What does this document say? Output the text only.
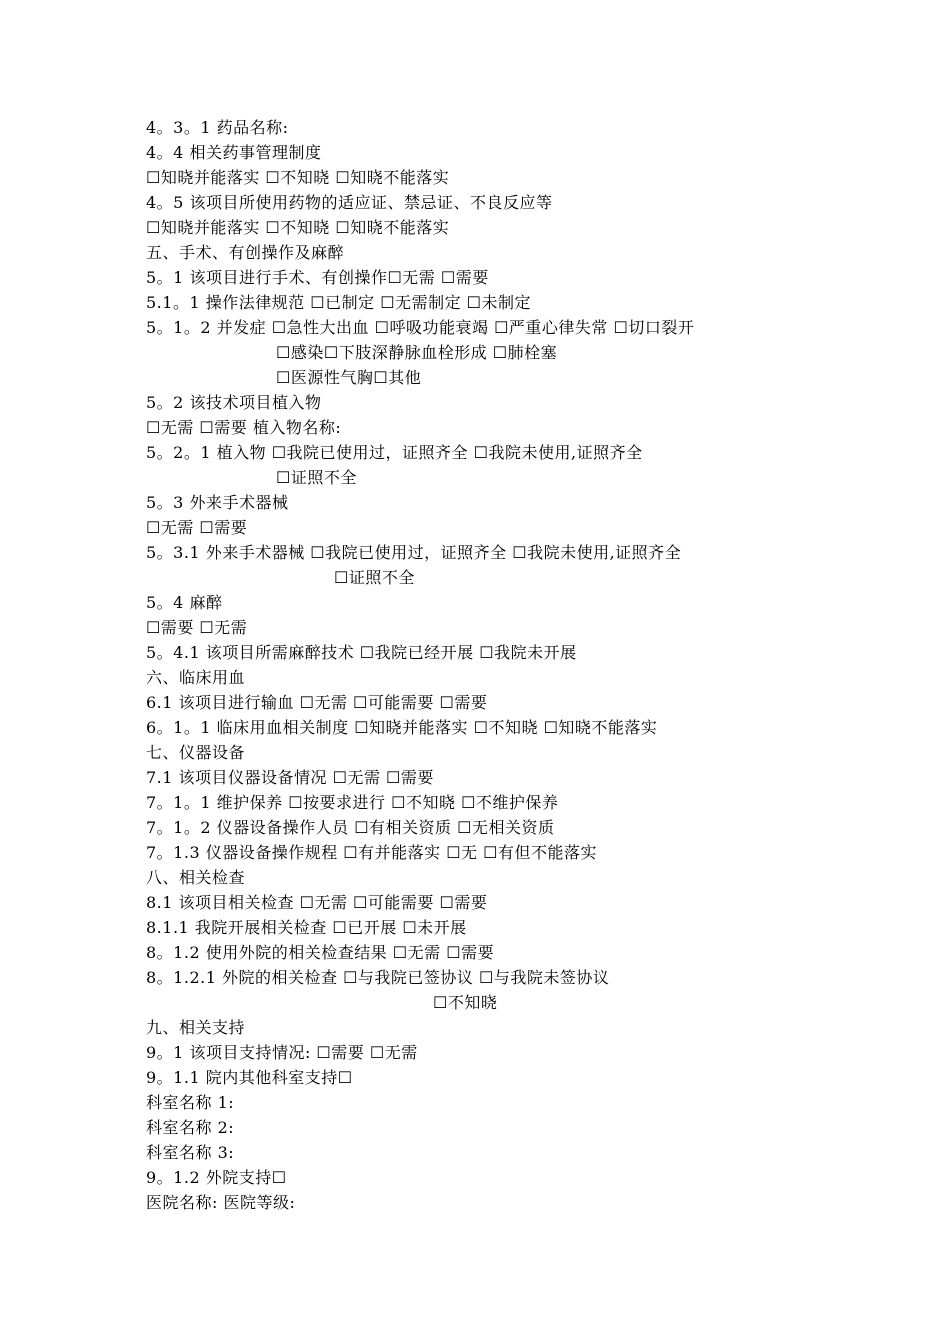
4。3。1 药品名称:
4。4 相关药事管理制度
☐知晓并能落实 ☐不知晓 ☐知晓不能落实
4。5 该项目所使用药物的适应证、禁忌证、不良反应等
☐知晓并能落实 ☐不知晓 ☐知晓不能落实
五、手术、有创操作及麻醉
5。1 该项目进行手术、有创操作☐无需 ☐需要
5.1。1 操作法律规范 ☐已制定 ☐无需制定 ☐未制定
5。1。2 并发症 ☐急性大出血 ☐呼吸功能衰竭 ☐严重心律失常 ☐切口裂开
☐感染☐下肢深静脉血栓形成 ☐肺栓塞
☐医源性气胸☐其他
5。2 该技术项目植入物
☐无需 ☐需要 植入物名称:
5。2。1 植入物 ☐我院已使用过，证照齐全 ☐我院未使用,证照齐全
☐证照不全
5。3 外来手术器械
☐无需 ☐需要
5。3.1 外来手术器械 ☐我院已使用过，证照齐全 ☐我院未使用,证照齐全
☐证照不全
5。4 麻醉
☐需要 ☐无需
5。4.1 该项目所需麻醉技术 ☐我院已经开展 ☐我院未开展
六、临床用血
6.1 该项目进行输血 ☐无需 ☐可能需要 ☐需要
6。1。1 临床用血相关制度 ☐知晓并能落实 ☐不知晓 ☐知晓不能落实
七、仪器设备
7.1 该项目仪器设备情况 ☐无需 ☐需要
7。1。1 维护保养 ☐按要求进行 ☐不知晓 ☐不维护保养
7。1。2 仪器设备操作人员 ☐有相关资质 ☐无相关资质
7。1.3 仪器设备操作规程 ☐有并能落实 ☐无 ☐有但不能落实
八、相关检查
8.1 该项目相关检查 ☐无需 ☐可能需要 ☐需要
8.1.1 我院开展相关检查 ☐已开展 ☐未开展
8。1.2 使用外院的相关检查结果 ☐无需 ☐需要
8。1.2.1 外院的相关检查 ☐与我院已签协议 ☐与我院未签协议
☐不知晓
九、相关支持
9。1 该项目支持情况: ☐需要 ☐无需
9。1.1 院内其他科室支持☐
科室名称 1:
科室名称 2:
科室名称 3:
9。1.2 外院支持☐
医院名称: 医院等级:
